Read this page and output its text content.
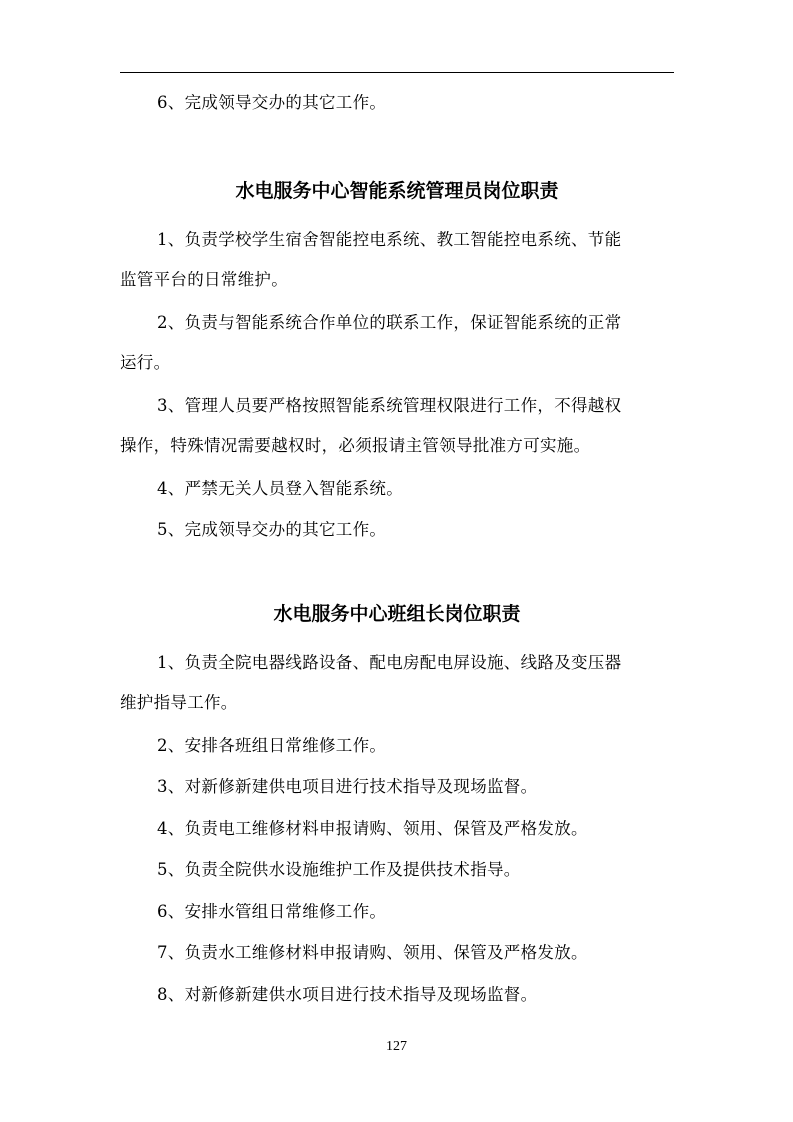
6、完成领导交办的其它工作。
水电服务中心智能系统管理员岗位职责
1、负责学校学生宿舍智能控电系统、教工智能控电系统、节能
监管平台的日常维护。
2、负责与智能系统合作单位的联系工作，保证智能系统的正常
运行。
3、管理人员要严格按照智能系统管理权限进行工作，不得越权
操作，特殊情况需要越权时，必须报请主管领导批准方可实施。
4、严禁无关人员登入智能系统。
5、完成领导交办的其它工作。
水电服务中心班组长岗位职责
1、负责全院电器线路设备、配电房配电屏设施、线路及变压器
维护指导工作。
2、安排各班组日常维修工作。
3、对新修新建供电项目进行技术指导及现场监督。
4、负责电工维修材料申报请购、领用、保管及严格发放。
5、负责全院供水设施维护工作及提供技术指导。
6、安排水管组日常维修工作。
7、负责水工维修材料申报请购、领用、保管及严格发放。
8、对新修新建供水项目进行技术指导及现场监督。
127
